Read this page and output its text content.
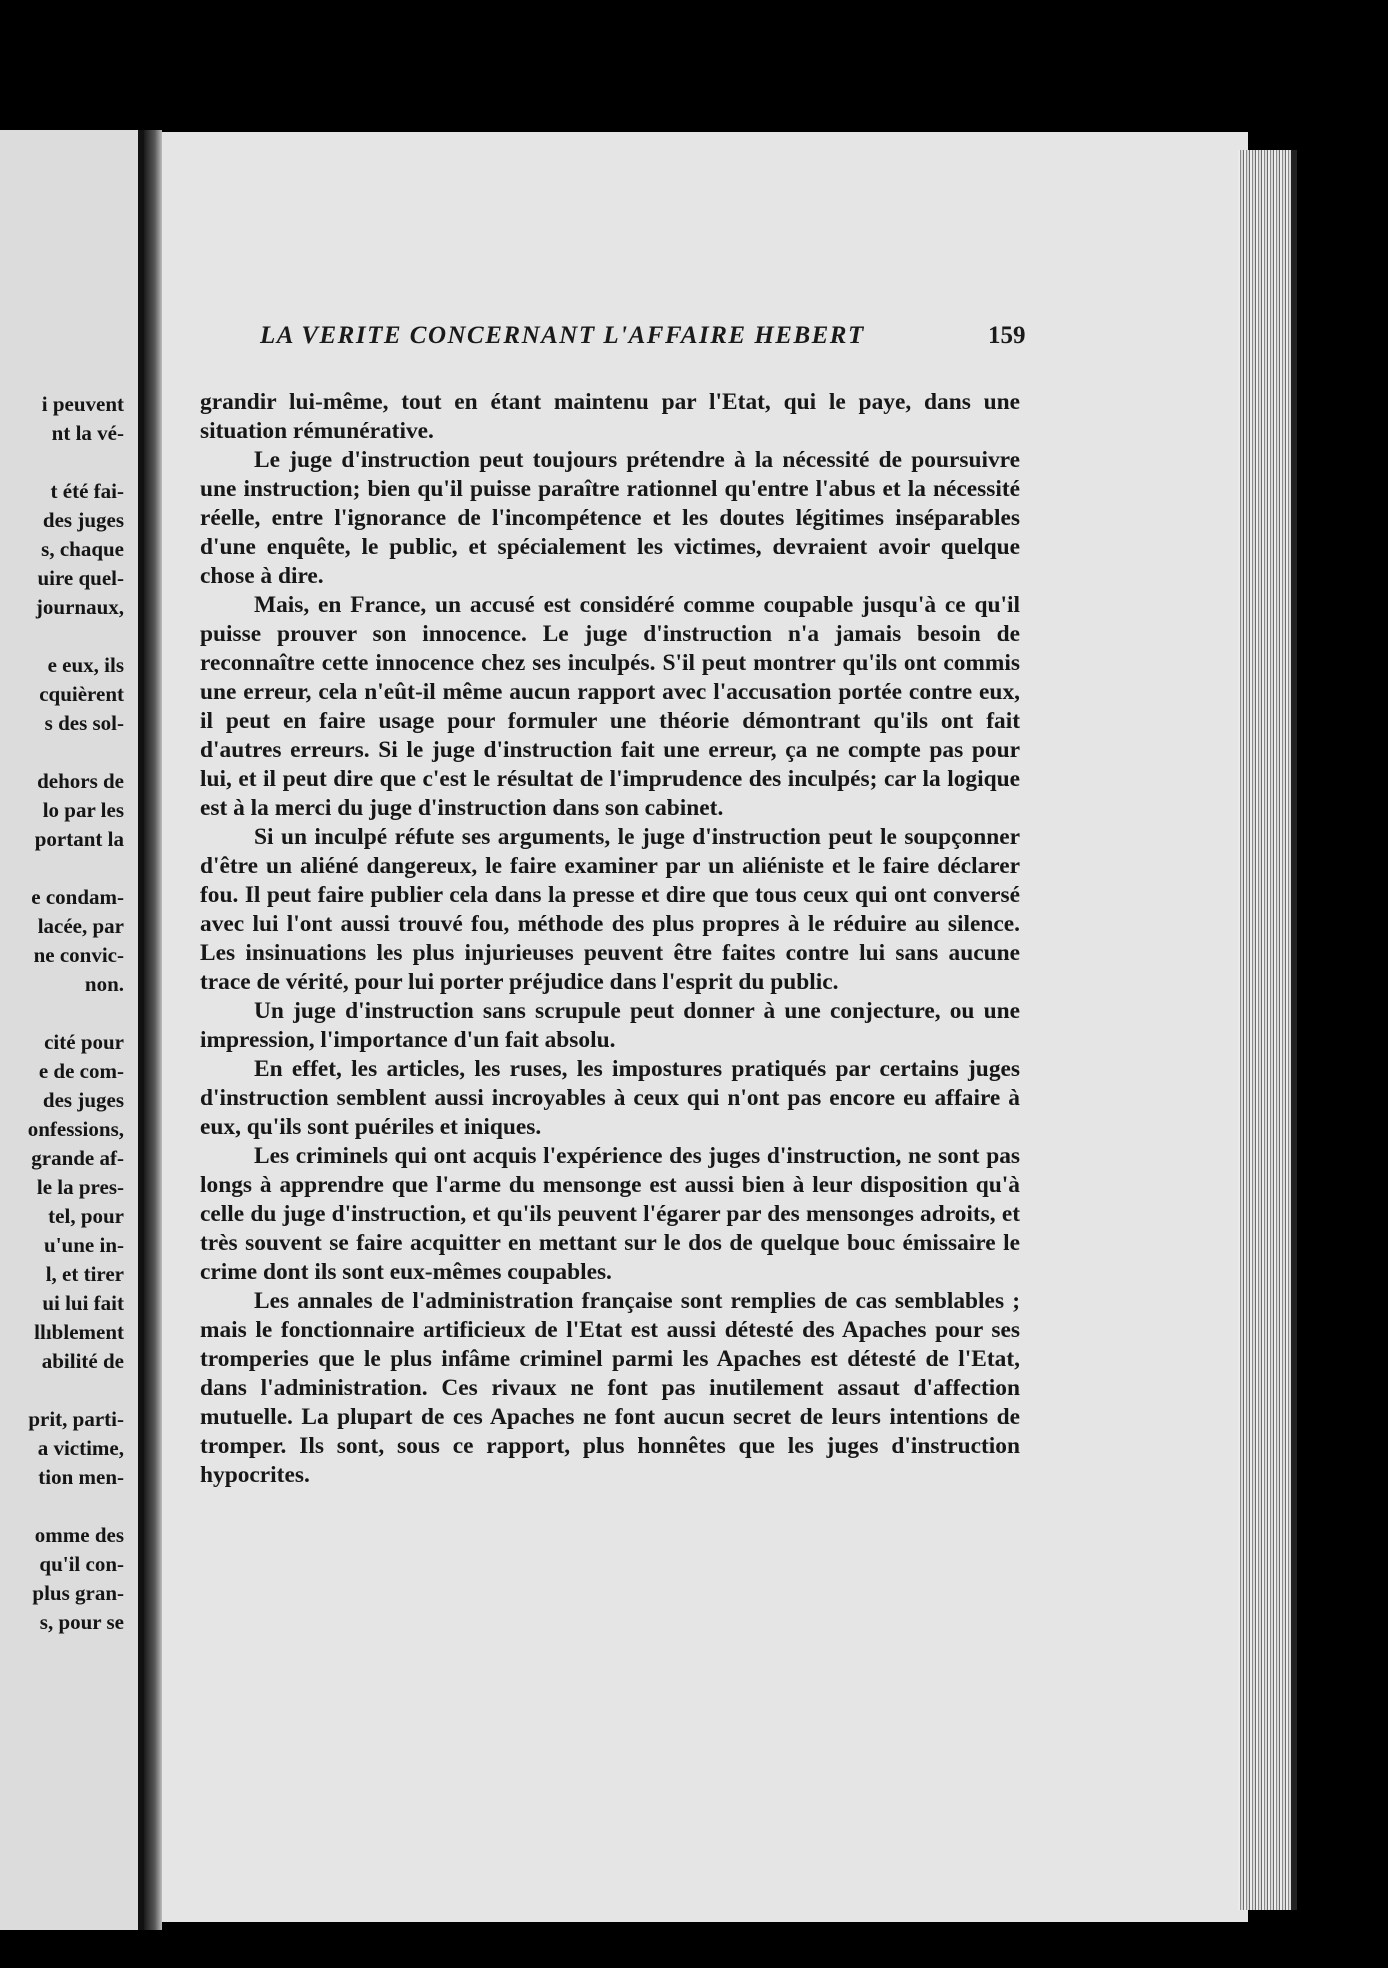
i peuvent
nt la vé-
t été fai-
des juges
s, chaque
uire quel-
journaux,
e eux, ils
cquièrent
s des sol-
dehors de
lo par les
portant la
e condam-
lacée, par
ne convic-
non.
cité pour
e de com-
des juges
onfessions,
grande af-
le la pres-
tel, pour
u'une in-
l, et tirer
ui lui fait
llıblement
abilité de
prit, parti-
a victime,
tion men-
omme des
qu'il con-
plus gran-
s, pour se
LA VERITE CONCERNANT L'AFFAIRE HEBERT	159

grandir lui-même, tout en étant maintenu par l'Etat, qui le paye, dans une situation rémunérative.

Le juge d'instruction peut toujours prétendre à la nécessité de poursuivre une instruction; bien qu'il puisse paraître rationnel qu'entre l'abus et la nécessité réelle, entre l'ignorance de l'incompétence et les doutes légitimes inséparables d'une enquête, le public, et spécialement les victimes, devraient avoir quelque chose à dire.

Mais, en France, un accusé est considéré comme coupable jusqu'à ce qu'il puisse prouver son innocence. Le juge d'instruction n'a jamais besoin de reconnaître cette innocence chez ses inculpés. S'il peut montrer qu'ils ont commis une erreur, cela n'eût-il même aucun rapport avec l'accusation portée contre eux, il peut en faire usage pour formuler une théorie démontrant qu'ils ont fait d'autres erreurs. Si le juge d'instruction fait une erreur, ça ne compte pas pour lui, et il peut dire que c'est le résultat de l'imprudence des inculpés; car la logique est à la merci du juge d'instruction dans son cabinet.

Si un inculpé réfute ses arguments, le juge d'instruction peut le soupçonner d'être un aliéné dangereux, le faire examiner par un aliéniste et le faire déclarer fou. Il peut faire publier cela dans la presse et dire que tous ceux qui ont conversé avec lui l'ont aussi trouvé fou, méthode des plus propres à le réduire au silence. Les insinuations les plus injurieuses peuvent être faites contre lui sans aucune trace de vérité, pour lui porter préjudice dans l'esprit du public.

Un juge d'instruction sans scrupule peut donner à une conjecture, ou une impression, l'importance d'un fait absolu.

En effet, les articles, les ruses, les impostures pratiqués par certains juges d'instruction semblent aussi incroyables à ceux qui n'ont pas encore eu affaire à eux, qu'ils sont puériles et iniques.

Les criminels qui ont acquis l'expérience des juges d'instruction, ne sont pas longs à apprendre que l'arme du mensonge est aussi bien à leur disposition qu'à celle du juge d'instruction, et qu'ils peuvent l'égarer par des mensonges adroits, et très souvent se faire acquitter en mettant sur le dos de quelque bouc émissaire le crime dont ils sont eux-mêmes coupables.

Les annales de l'administration française sont remplies de cas semblables ; mais le fonctionnaire artificieux de l'Etat est aussi détesté des Apaches pour ses tromperies que le plus infâme criminel parmi les Apaches est détesté de l'Etat, dans l'administration. Ces rivaux ne font pas inutilement assaut d'affection mutuelle. La plupart de ces Apaches ne font aucun secret de leurs intentions de tromper. Ils sont, sous ce rapport, plus honnêtes que les juges d'instruction hypocrites.
